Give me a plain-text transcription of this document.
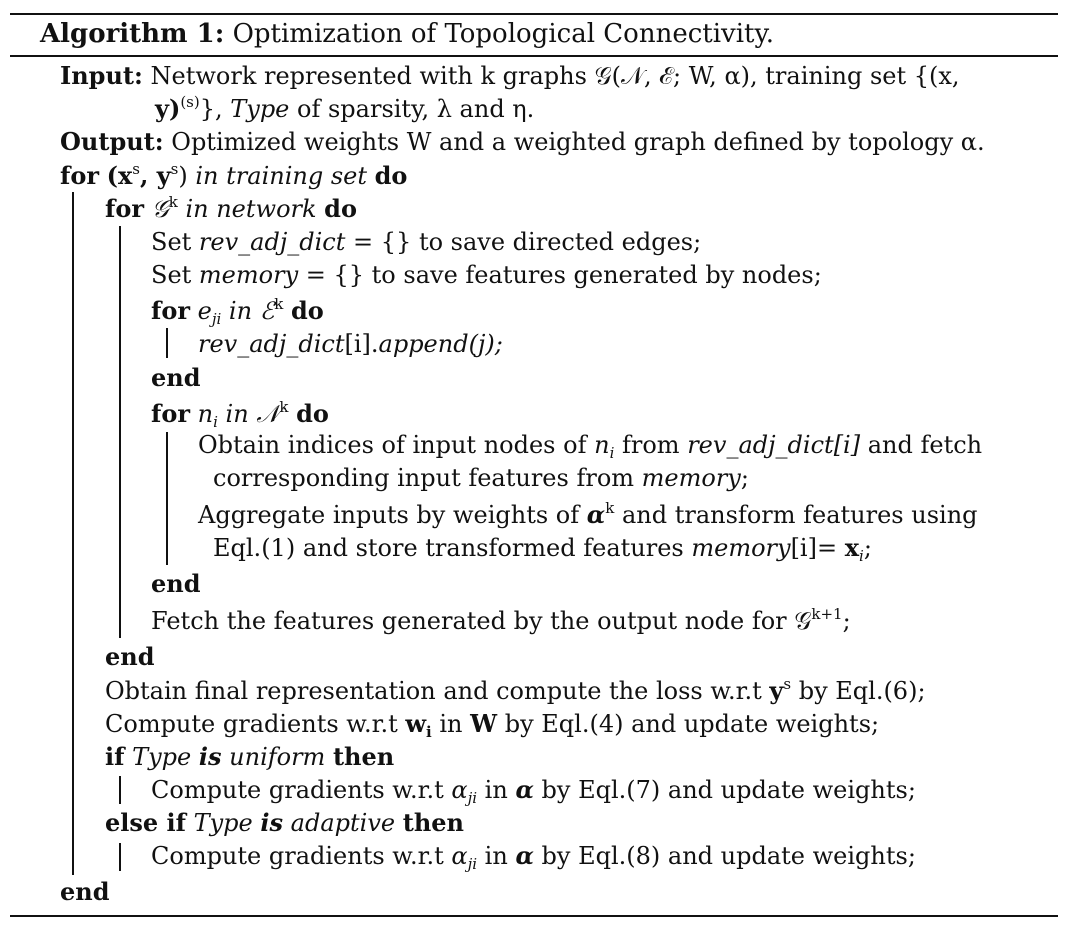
Algorithm 1: Optimization of Topological Connectivity.
Input: Network represented with k graphs 𝒢(𝒩, ℰ; W, α), training set {(x,
y)$^{(s)}$}, Type of sparsity, λ and η.
Output: Optimized weights W and a weighted graph defined by topology α.
for ($x^s$, $y^s$) in training set do
for 𝒢$^k$ in network do
Set rev_adj_dict = {} to save directed edges;
Set memory = {} to save features generated by nodes;
for $e_{ji}$ in ℰ$^k$ do
rev_adj_dict[i].append(j);
end
for $n_i$ in 𝒩$^k$ do
Obtain indices of input nodes of $n_i$ from rev_adj_dict[i] and fetch
corresponding input features from memory;
Aggregate inputs by weights of $\alpha^k$ and transform features using
Eql.(1) and store transformed features memory[i]= $x_i$;
end
Fetch the features generated by the output node for 𝒢$^{k+1}$;
end
Obtain final representation and compute the loss w.r.t $y^s$ by Eql.(6);
Compute gradients w.r.t $w_i$ in W by Eql.(4) and update weights;
if Type is uniform then
Compute gradients w.r.t $\alpha_{ji}$ in α by Eql.(7) and update weights;
else if Type is adaptive then
Compute gradients w.r.t $\alpha_{ji}$ in α by Eql.(8) and update weights;
end
